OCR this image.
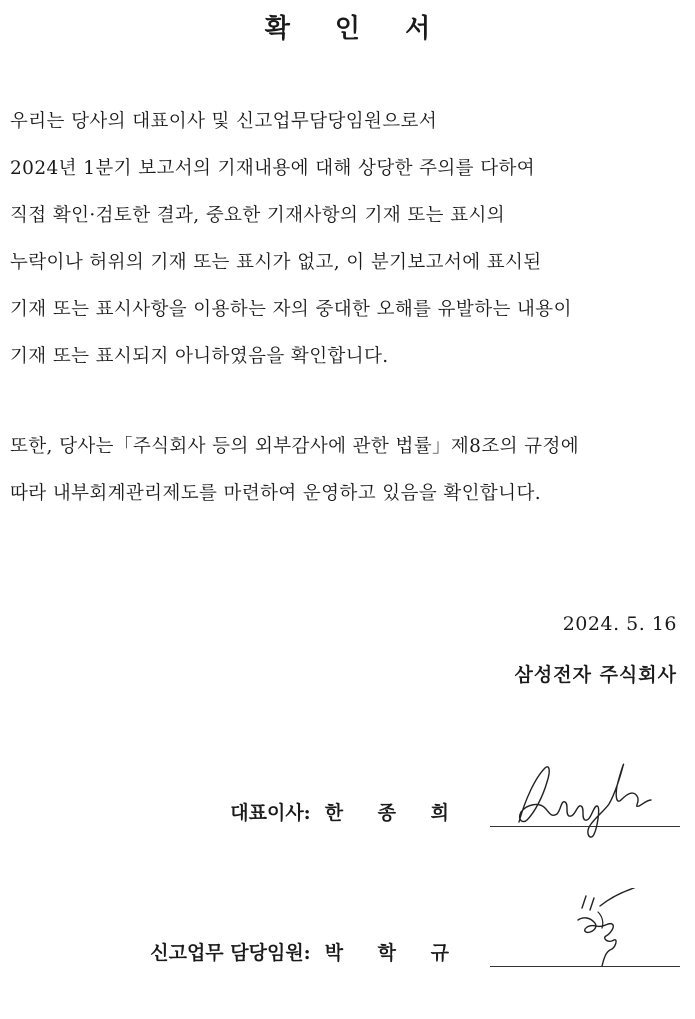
확 인 서
우리는 당사의 대표이사 및 신고업무담당임원으로서
2024년 1분기 보고서의 기재내용에 대해 상당한 주의를 다하여
직접 확인·검토한 결과, 중요한 기재사항의 기재 또는 표시의
누락이나 허위의 기재 또는 표시가 없고, 이 분기보고서에 표시된
기재 또는 표시사항을 이용하는 자의 중대한 오해를 유발하는 내용이
기재 또는 표시되지 아니하였음을 확인합니다.
또한, 당사는「주식회사 등의 외부감사에 관한 법률」제8조의 규정에
따라 내부회계관리제도를 마련하여 운영하고 있음을 확인합니다.
2024. 5. 16
삼성전자 주식회사
대표이사: 한 종 희
신고업무 담당임원: 박 학 규
